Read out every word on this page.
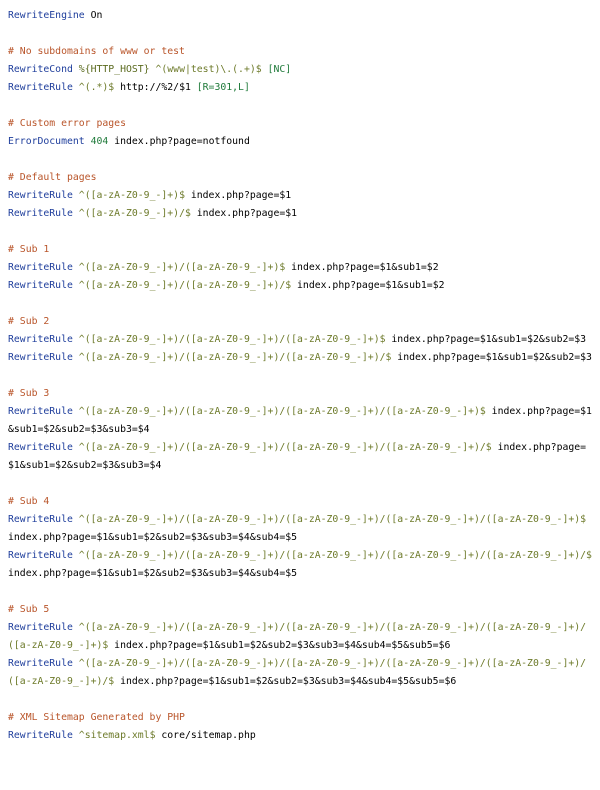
RewriteEngine On
# No subdomains of www or test
RewriteCond %{HTTP_HOST} ^(www|test)\.(.+)$ [NC]
RewriteRule ^(.*)$ http://%2/$1 [R=301,L]
# Custom error pages
ErrorDocument 404 index.php?page=notfound
# Default pages
RewriteRule ^([a-zA-Z0-9_-]+)$ index.php?page=$1
RewriteRule ^([a-zA-Z0-9_-]+)/$ index.php?page=$1
# Sub 1
RewriteRule ^([a-zA-Z0-9_-]+)/([a-zA-Z0-9_-]+)$ index.php?page=$1&sub1=$2
RewriteRule ^([a-zA-Z0-9_-]+)/([a-zA-Z0-9_-]+)/$ index.php?page=$1&sub1=$2
# Sub 2
RewriteRule ^([a-zA-Z0-9_-]+)/([a-zA-Z0-9_-]+)/([a-zA-Z0-9_-]+)$ index.php?page=$1&sub1=$2&sub2=$3
RewriteRule ^([a-zA-Z0-9_-]+)/([a-zA-Z0-9_-]+)/([a-zA-Z0-9_-]+)/$ index.php?page=$1&sub1=$2&sub2=$3
# Sub 3
RewriteRule ^([a-zA-Z0-9_-]+)/([a-zA-Z0-9_-]+)/([a-zA-Z0-9_-]+)/([a-zA-Z0-9_-]+)$ index.php?page=$1&sub1=$2&sub2=$3&sub3=$4
RewriteRule ^([a-zA-Z0-9_-]+)/([a-zA-Z0-9_-]+)/([a-zA-Z0-9_-]+)/([a-zA-Z0-9_-]+)/$ index.php?page=$1&sub1=$2&sub2=$3&sub3=$4
# Sub 4
RewriteRule ^([a-zA-Z0-9_-]+)/([a-zA-Z0-9_-]+)/([a-zA-Z0-9_-]+)/([a-zA-Z0-9_-]+)/([a-zA-Z0-9_-]+)$ index.php?page=$1&sub1=$2&sub2=$3&sub3=$4&sub4=$5
RewriteRule ^([a-zA-Z0-9_-]+)/([a-zA-Z0-9_-]+)/([a-zA-Z0-9_-]+)/([a-zA-Z0-9_-]+)/([a-zA-Z0-9_-]+)/$ index.php?page=$1&sub1=$2&sub2=$3&sub3=$4&sub4=$5
# Sub 5
RewriteRule ^([a-zA-Z0-9_-]+)/([a-zA-Z0-9_-]+)/([a-zA-Z0-9_-]+)/([a-zA-Z0-9_-]+)/([a-zA-Z0-9_-]+)/([a-zA-Z0-9_-]+)$ index.php?page=$1&sub1=$2&sub2=$3&sub3=$4&sub4=$5&sub5=$6
RewriteRule ^([a-zA-Z0-9_-]+)/([a-zA-Z0-9_-]+)/([a-zA-Z0-9_-]+)/([a-zA-Z0-9_-]+)/([a-zA-Z0-9_-]+)/([a-zA-Z0-9_-]+)/$ index.php?page=$1&sub1=$2&sub2=$3&sub3=$4&sub4=$5&sub5=$6
# XML Sitemap Generated by PHP
RewriteRule ^sitemap.xml$ core/sitemap.php
